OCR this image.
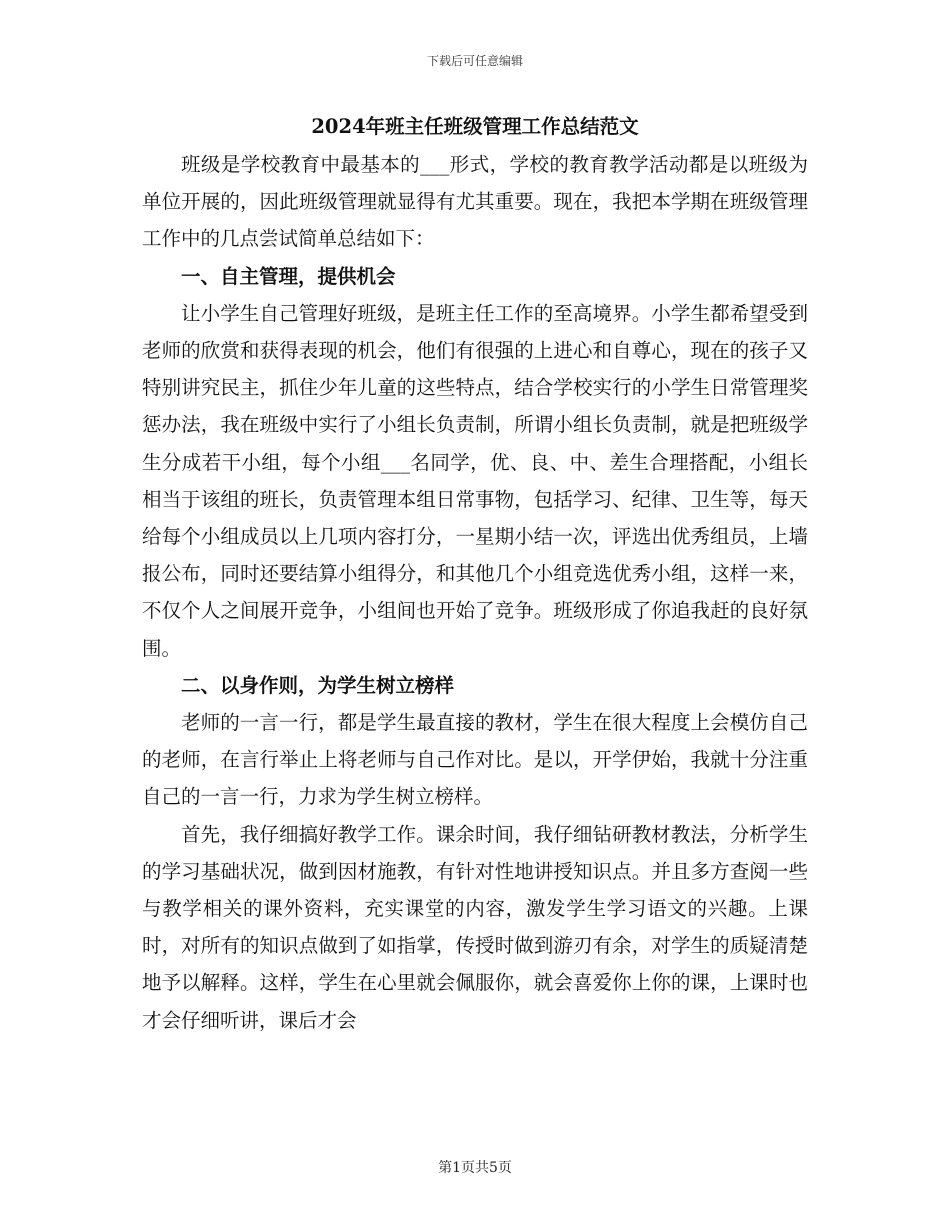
下载后可任意编辑
2024年班主任班级管理工作总结范文

班级是学校教育中最基本的___形式，学校的教育教学活动都是以班级为单位开展的，因此班级管理就显得有尤其重要。现在，我把本学期在班级管理工作中的几点尝试简单总结如下：

一、自主管理，提供机会

让小学生自己管理好班级，是班主任工作的至高境界。小学生都希望受到老师的欣赏和获得表现的机会，他们有很强的上进心和自尊心，现在的孩子又特别讲究民主，抓住少年儿童的这些特点，结合学校实行的小学生日常管理奖惩办法，我在班级中实行了小组长负责制，所谓小组长负责制，就是把班级学生分成若干小组，每个小组___名同学，优、良、中、差生合理搭配，小组长相当于该组的班长，负责管理本组日常事物，包括学习、纪律、卫生等，每天给每个小组成员以上几项内容打分，一星期小结一次，评选出优秀组员，上墙报公布，同时还要结算小组得分，和其他几个小组竞选优秀小组，这样一来，不仅个人之间展开竞争，小组间也开始了竞争。班级形成了你追我赶的良好氛围。

二、以身作则，为学生树立榜样

老师的一言一行，都是学生最直接的教材，学生在很大程度上会模仿自己的老师，在言行举止上将老师与自己作对比。是以，开学伊始，我就十分注重自己的一言一行，力求为学生树立榜样。

首先，我仔细搞好教学工作。课余时间，我仔细钻研教材教法，分析学生的学习基础状况，做到因材施教，有针对性地讲授知识点。并且多方查阅一些与教学相关的课外资料，充实课堂的内容，激发学生学习语文的兴趣。上课时，对所有的知识点做到了如指掌，传授时做到游刃有余，对学生的质疑清楚地予以解释。这样，学生在心里就会佩服你，就会喜爱你上你的课，上课时也才会仔细听讲，课后才会

第1页共5页
